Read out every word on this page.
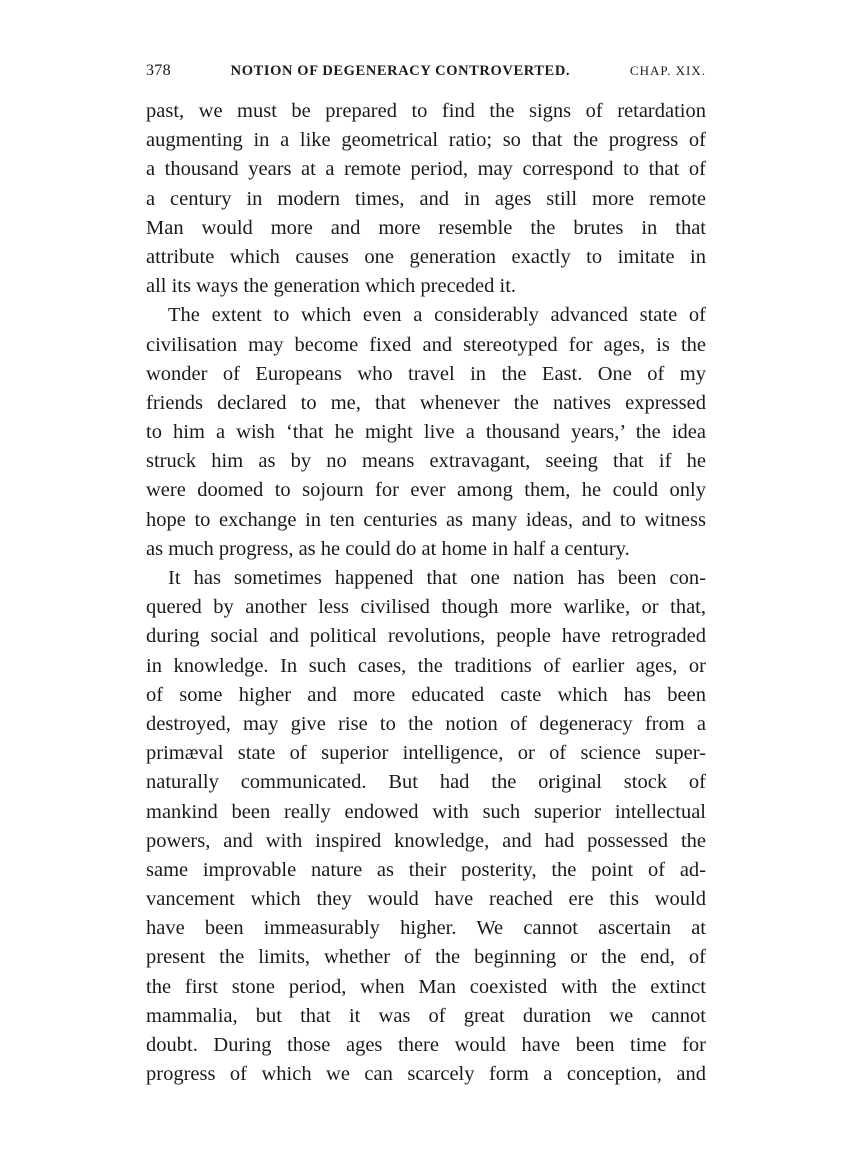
378	NOTION OF DEGENERACY CONTROVERTED.	CHAP. XIX.
past, we must be prepared to find the signs of retardation
augmenting in a like geometrical ratio; so that the progress of
a thousand years at a remote period, may correspond to that of
a century in modern times, and in ages still more remote
Man would more and more resemble the brutes in that
attribute which causes one generation exactly to imitate in
all its ways the generation which preceded it.
The extent to which even a considerably advanced state of
civilisation may become fixed and stereotyped for ages, is the
wonder of Europeans who travel in the East. One of my
friends declared to me, that whenever the natives expressed
to him a wish ‘that he might live a thousand years,’ the idea
struck him as by no means extravagant, seeing that if he
were doomed to sojourn for ever among them, he could only
hope to exchange in ten centuries as many ideas, and to witness
as much progress, as he could do at home in half a century.
It has sometimes happened that one nation has been con-
quered by another less civilised though more warlike, or that,
during social and political revolutions, people have retrograded
in knowledge. In such cases, the traditions of earlier ages, or
of some higher and more educated caste which has been
destroyed, may give rise to the notion of degeneracy from a
primæval state of superior intelligence, or of science super-
naturally communicated. But had the original stock of
mankind been really endowed with such superior intellectual
powers, and with inspired knowledge, and had possessed the
same improvable nature as their posterity, the point of ad-
vancement which they would have reached ere this would
have been immeasurably higher. We cannot ascertain at
present the limits, whether of the beginning or the end, of
the first stone period, when Man coexisted with the extinct
mammalia, but that it was of great duration we cannot
doubt. During those ages there would have been time for
progress of which we can scarcely form a conception, and
